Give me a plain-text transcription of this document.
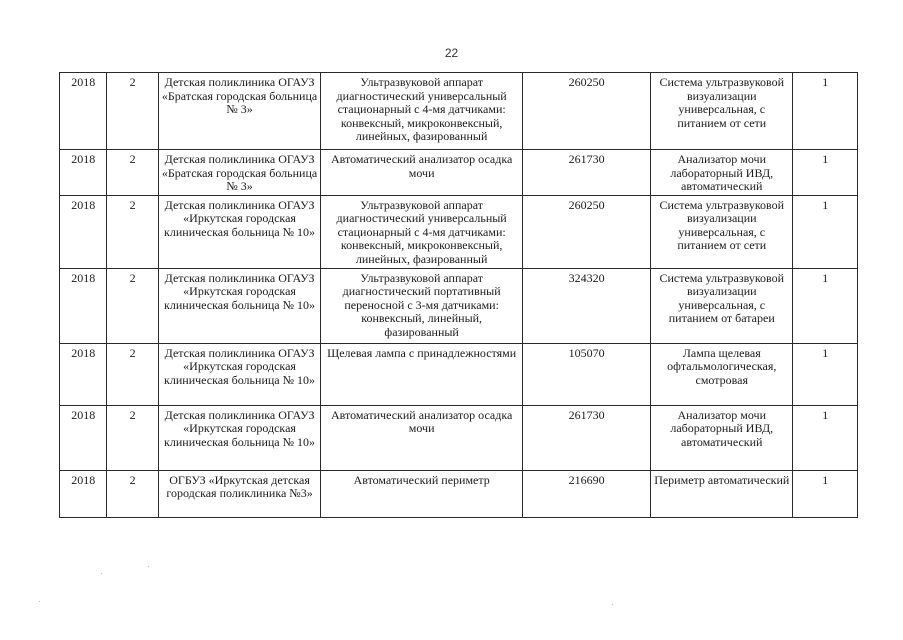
22
2018	2	Детская поликлиника ОГАУЗ «Братская городская больница № 3»	Ультразвуковой аппарат диагностический универсальный стационарный с 4-мя датчиками: конвексный, микроконвексный, линейных, фазированный	260250	Система ультразвуковой визуализации универсальная, с питанием от сети	1
2018	2	Детская поликлиника ОГАУЗ «Братская городская больница № 3»	Автоматический анализатор осадка мочи	261730	Анализатор мочи лабораторный ИВД, автоматический	1
2018	2	Детская поликлиника ОГАУЗ «Иркутская городская клиническая больница № 10»	Ультразвуковой аппарат диагностический универсальный стационарный с 4-мя датчиками: конвексный, микроконвексный, линейных, фазированный	260250	Система ультразвуковой визуализации универсальная, с питанием от сети	1
2018	2	Детская поликлиника ОГАУЗ «Иркутская городская клиническая больница № 10»	Ультразвуковой аппарат диагностический портативный переносной с 3-мя датчиками: конвексный, линейный, фазированный	324320	Система ультразвуковой визуализации универсальная, с питанием от батареи	1
2018	2	Детская поликлиника ОГАУЗ «Иркутская городская клиническая больница № 10»	Щелевая лампа с принадлежностями	105070	Лампа щелевая офтальмологическая, смотровая	1
2018	2	Детская поликлиника ОГАУЗ «Иркутская городская клиническая больница № 10»	Автоматический анализатор осадка мочи	261730	Анализатор мочи лабораторный ИВД, автоматический	1
2018	2	ОГБУЗ «Иркутская детская городская поликлиника №3»	Автоматический периметр	216690	Периметр автоматический	1
